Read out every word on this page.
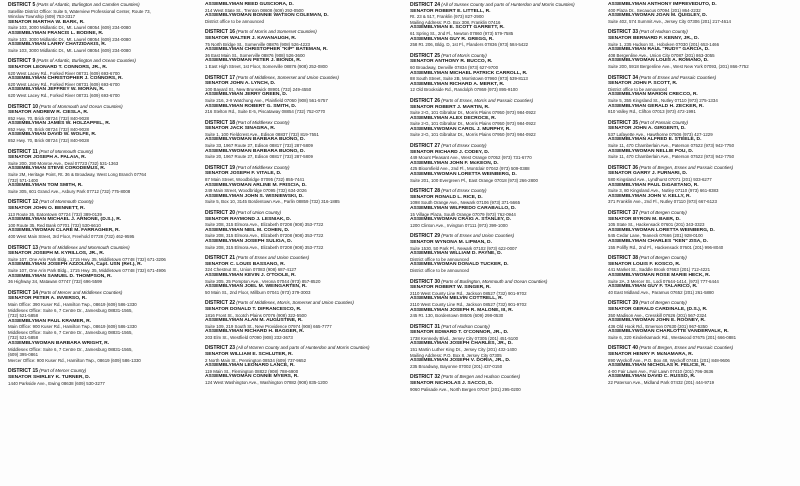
DISTRICT 5 (Parts of Atlantic, Burlington and Camden Counties)
Satellite District Office: Suite 5, Waterview Professional Center, Route 73,
Winslow Township (609) 753-3317
SENATOR MARTHA W. BARK, R.
Suite 103, 3000 Midlantic Dr., Mt. Laurel 08054 (609) 234-0080
ASSEMBLYMAN FRANCIS L. BODINE, R.
Suite 103, 3000 Midlantic Dr., Mt. Laurel 08054 (609) 234-0080
ASSEMBLYMAN LARRY CHATZIDAKIS, R.
Suite 103, 3000 Midlantic Dr., Mt. Laurel 08054 (609) 234-0080
DISTRICT 9 (Parts of Atlantic, Burlington and Ocean Counties)
SENATOR LEONARD T. CONNORS, JR., R.
620 West Lacey Rd., Forked River 08731 (609) 693-6700
ASSEMBLYMAN CHRISTOPHER J. CONNORS, R.
620 West Lacey Rd., Forked River 08731 (609) 693-6700
ASSEMBLYMAN JEFFREY W. MORAN, R.
620 West Lacey Rd., Forked River 08731 (609) 693-6700
DISTRICT 10 (Parts of Monmouth and Ocean Counties)
SENATOR ANDREW R. CIESLA, R.
852 Hwy. 70, Brick 08724 (732) 840-9028
ASSEMBLYMAN JAMES W. HOLZAPFEL, R.
852 Hwy. 70, Brick 08724 (732) 840-9028
ASSEMBLYMAN DAVID W. WOLFE, R.
852 Hwy. 70, Brick 08724 (732) 840-9028
DISTRICT 11 (Part of Monmouth County)
SENATOR JOSEPH A. PALAIA, R.
Suite 200, 290 Monroe Ave., Deal 07723 (732) 531-1363
ASSEMBLYMAN STEVE CORODEMUS, R.
Suite 2M, Heritage Point, Rt. 36 & Broadway, West Long Branch 07764
(732) 571-1400
ASSEMBLYMAN TOM SMITH, R.
Suite 305, 601 Grand Ave., Asbury Park 07712 (732) 775-8008
DISTRICT 12 (Part of Monmouth County)
SENATOR JOHN O. BENNETT, R.
113 Route 35, Eatontown 07724 (732) 389-0139
ASSEMBLYMAN MICHAEL J. ARNONE, (D.S.), R.
100 Route 35, Red Bank 07701 (732) 530-6610
ASSEMBLYWOMAN CLARE M. FARRAGHER, R.
400 West Main Street, 3rd Floor, Freehold 07728 (732) 462-9595
DISTRICT 13 (Parts of Middlesex and Monmouth Counties)
SENATOR JOSEPH M. KYRILLOS, JR., R.
Suite 107, One Arin Park Bldg., 1715 Hwy. 35, Middletown 07748 (732) 671-3206
ASSEMBLYMAN JOSEPH AZZOLINA, Capt. USN (Ret.), R.
Suite 107, One Arin Park Bldg., 1715 Hwy. 35, Middletown 07748 (732) 671-4906
ASSEMBLYMAN SAMUEL D. THOMPSON, R.
36 Highway 34, Matawan 07747 (732) 696-5599
DISTRICT 14 (Parts of Mercer and Middlesex Counties)
SENATOR PETER A. INVERSO, R.
Main Office: 390 Kuser Rd., Hamilton Twp., 08619 (609) 586-1330
Middlesex Office: Suite 6, 7 Centre Dr., Jamesburg 08831-1565,
(732) 521-5858
ASSEMBLYMAN PAUL KRAMER, R.
Main Office: 900 Kuser Rd., Hamilton Twp., 08619 (609) 586-1330
Middlesex Office: Suite 6, 7 Centre Dr., Jamesburg 08831-1565,
(732) 521-5858
ASSEMBLYWOMAN BARBARA WRIGHT, R.
Middlesex Office: Suite 6, 7 Centre Dr., Jamesburg 08831-1565,
(609) 395-0861
Mercer Office: 900 Kuser Rd., Hamilton Twp., 08619 (609) 586-1330
DISTRICT 15 (Part of Mercer County)
SENATOR SHIRLEY K. TURNER, D.
1440 Parkside Ave., Ewing 08638 (609) 530-3277
ASSEMBLYMAN REED GUSCIORA, D.
214 West State St., Trenton 08608 (609) 292-0500
ASSEMBLYWOMAN BONNIE WATSON COLEMAN, D.
District office to be announced
DISTRICT 16 (Parts of Morris and Somerset Counties)
SENATOR WALTER J. KAVANAUGH, R.
75 North Bridge St., Somerville 08876 (908) 526-4223
ASSEMBLYMAN CHRISTOPHER "KIP" BATEMAN, R.
36 East Main St., Somerville 08876 (908) 526-3600
ASSEMBLYWOMAN PETER J. BIONDI, R.
1 East High Street, 1st Floor, Somerville 08876 (908) 252-0800
DISTRICT 17 (Parts of Middlesex, Somerset and Union Counties)
SENATOR JOHN A. LYNCH, D.
100 Bayard St., New Brunswick 08901 (732) 249-4550
ASSEMBLYMAN JERRY GREEN, D.
Suite 216, 2-9 Watchung Ave., Plainfield 07060 (908) 561-5757
ASSEMBLYMAN ROBERT G. SMITH, D.
216 Stelton Rd., Suite E-5, Piscataway 08854 (732) 752-0770
DISTRICT 18 (Part of Middlesex County)
SENATOR JACK SINAGRA, R.
Suite 1, 100 Fieldcrest Ave., Edison 08837 (732) 819-7551
ASSEMBLYWOMAN BARBARA BUONO, D.
Suite 33, 1967 Route 27, Edison 08817 (732) 287-5809
ASSEMBLYWOMAN BARBARA BUONO, D.
Suite 20, 1967 Route 27, Edison 08817 (732) 287-5809
DISTRICT 19 (Part of Middlesex County)
SENATOR JOSEPH F. VITALE, D.
87 Main Street, Woodbridge 07095 (732) 855-7441
ASSEMBLYWOMAN ARLINE M. FRISCIA, D.
249 Main Street, Woodbridge 07095 (732) 634-2026
ASSEMBLYMAN JOHN S. WISNIEWSKI, D.
Suite 5, Box 10, 3145 Bordentown Ave., Parlin 08859 (732) 316-1885
DISTRICT 20 (Part of Union County)
SENATOR RAYMOND J. LESNIAK, D.
Suite 208, 315 Elmora Ave., Elizabeth 07208 (908) 353-7722
ASSEMBLYMAN NEIL M. COHEN, D.
Suite 208, 315 Elmora Ave., Elizabeth 07208 (908) 353-7722
ASSEMBLYMAN JOSEPH SULIGA, D.
Suite 208, 315 Elmora Ave., Elizabeth 07208 (908) 353-7722
DISTRICT 21 (Parts of Essex and Union Counties)
SENATOR C. LOUIS BASSANO, R.
324 Chestnut St., Union 07083 (908) 687-4127
ASSEMBLYMAN KEVIN J. O'TOOLE, R.
Suite 205, 25 Pompton Ave., Verona 07044 (973) 857-8520
ASSEMBLYMAN JOEL M. WEINGARTEN, R.
50 Main St., 2nd Floor, Millburn 07041 (973) 379-3003
DISTRICT 22 (Parts of Middlesex, Morris, Somerset and Union Counties)
SENATOR DONALD T. DIFRANCESCO, R.
1816 Front St., Scotch Plains 07076 (908) 322-5500
ASSEMBLYMAN ALAN M. AUGUSTINE, R.
Suite 109, 219 South St., New Providence 07974 (908) 665-7777
ASSEMBLYMAN RICHARD H. BAGGER, R.
203 Elm St., Westfield 07090 (908) 232-3673
DISTRICT 23 (All of Warren County and parts of Hunterdon and Morris Counties)
SENATOR WILLIAM E. SCHLUTER, R.
2 North Main St., Pennington 08534 (609) 737-9652
ASSEMBLYMAN LEONARD LANCE, R.
119 Main St., Flemington 08822 (908) 788-6900
ASSEMBLYWOMAN CONNIE MYERS, R.
124 West Washington Ave., Washington 07882 (908) 835-1200
DISTRICT 24 (All of Sussex County and parts of Hunterdon and Morris Counties)
SENATOR ROBERT E. LITTELL, R.
Rt. 23 & 517, Franklin (973) 827-2900
Mailing Address: P.O. Box 308, Franklin 07416
ASSEMBLYMAN E. SCOTT GARRETT, R.
61 Spring St., 2nd Fl., Newton 07860 (973) 579-7585
ASSEMBLYMAN GUY R. GREGG, R.
258 Rt. 206, Bldg. D, 1st Fl., Flanders 07836 (973) 584-5422
DISTRICT 25 (Part of Morris County)
SENATOR ANTHONY R. BUCCO, R.
60 Broadway, Denville 07834 (973) 627-9700
ASSEMBLYMAN MICHAEL PATRICK CARROLL, R.
88 South Street, Suite 2B, Morristown 07960 (973) 539-8113
ASSEMBLYMAN RICHARD A. MERKT, R.
12 Old Brookside Rd., Randolph 07869 (973) 895-9100
DISTRICT 26 (Parts of Essex, Morris and Passaic Counties)
SENATOR ROBERT J. MARTIN, R.
Suite 2-G, 101 Gibraltar Dr., Morris Plains 07950 (973) 984-0922
ASSEMBLYMAN ALEX DECROCE, R.
Suite 2-G, 101 Gibraltar Dr., Morris Plains 07950 (973) 984-0922
ASSEMBLYWOMAN CAROL J. MURPHY, R.
Suite 2-G, 101 Gibraltar Dr., Morris Plains 07950 (973) 984-0922
DISTRICT 27 (Part of Essex County)
SENATOR RICHARD J. CODEY, D.
449 Mount Pleasant Ave., West Orange 07052 (973) 731-6770
ASSEMBLYMAN JOHN F. McKEON, D.
425 Bloomfield Ave., 2nd Fl., Montclair 07042 (973) 509-0388
ASSEMBLYWOMAN LORETTA WEINBERG, D.
Suite 201, 100 Evergreen Pl., East Orange 07018 (973) 266-2800
DISTRICT 28 (Part of Essex County)
SENATOR RONALD L. RICE, D.
1098 South Orange Ave., Newark 07106 (973) 371-5665
ASSEMBLYMAN WILFREDO CARABALLO, D.
15 Village Plaza, South Orange 07079 (973) 762-0944
ASSEMBLYWOMAN CRAIG A. STANLEY, D.
1200 Clinton Ave., Irvington 07111 (973) 399-1000
DISTRICT 29 (Parts of Essex and Union Counties)
SENATOR WYNONA M. LIPMAN, D.
Suite 1530, 50 Park Pl., Newark 07102 (973) 622-0007
ASSEMBLYMAN WILLIAM D. PAYNE, D.
District office to be announced
ASSEMBLYWOMAN DONALD TUCKER, D.
District office to be announced
DISTRICT 30 (Parts of Burlington, Monmouth and Ocean Counties)
SENATOR ROBERT W. SINGER, R.
2110 West County Line Rd., Jackson 08527 (732) 901-9702
ASSEMBLYMAN MELVIN COTTRELL, R.
2110 West County Line Rd., Jackson 08527 (732) 901-9702
ASSEMBLYMAN JOSEPH R. MALONE, III, R.
245 Rt. 130, Bordentown 08505 (609) 298-0530
DISTRICT 31 (Part of Hudson County)
SENATOR EDWARD T. O'CONNOR, JR., D.
1738 Kennedy Blvd., Jersey City 07305 (201) 451-5100
ASSEMBLYMAN JOSEPH CHARLES, JR., D.
151 Martin Luther King Dr., Jersey City (201) 432-1400
Mailing Address: P.O. Box 8, Jersey City 07305
ASSEMBLYMAN JOSEPH V. DORIA, JR., D.
235 Broadway, Bayonne 07002 (201) 437-0150
DISTRICT 32 (Parts of Bergen and Hudson Counties)
SENATOR NICHOLAS J. SACCO, D.
9060 Palisade Ave., North Bergen 07047 (201) 295-0200
ASSEMBLYMAN ANTHONY IMPREVEDUTO, D.
400 Plaza Dr., Secaucus 07094 (201) 864-2232
ASSEMBLYWOMAN JOAN M. QUIGLEY, D.
Suite 402, 574 Summit Ave., Jersey City 07306 (201) 217-4614
DISTRICT 33 (Part of Hudson County)
SENATOR BERNARD F. KENNY, JR., D.
Suite 1, 235 Hudson St., Hoboken 07030 (201) 653-1466
ASSEMBLYMAN RAUL "RUDY" GARCIA, D.
408 Bergenline Ave., Union City 07087 (201) 863-3055
ASSEMBLYWOMAN LOUIS A. ROMANO, D.
Suite 200, 5918 Bergenline Ave., West New York 07093, (201) 866-7752
DISTRICT 34 (Parts of Essex and Passaic Counties)
SENATOR JOHN P. SCOTT, R.
District office to be announced
ASSEMBLYMAN MARION CRECCO, R.
Suite 5, 355 Kingsland St., Nutley 07110 (973) 275-1334
ASSEMBLYMAN GERALD H. ZECKER, R.
810 Valley Rd., Clifton 07013 (973) 472-1991
DISTRICT 35 (Part of Passaic County)
SENATOR JOHN A. GIRGENTI, D.
537 Lafayette Ave., Hawthorne 07506 (973) 427-1229
ASSEMBLYMAN ALFRED E. STEELE, D.
Suite 11, 470 Chamberlain Ave., Paterson 07522 (973) 942-7750
ASSEMBLYWOMAN NELLIE POU, D.
Suite 11, 470 Chamberlain Ave., Paterson 07522 (973) 942-7750
DISTRICT 36 (Parts of Bergen, Essex and Passaic Counties)
SENATOR GARRY J. FURNARI, D.
580 Kingsland Ave., Lyndhurst 07071 (201) 933-6277
ASSEMBLYMAN PAUL DiGAETANO, R.
Suite 3, 80 Kingsland Ave., Nutley 07110 (973) 661-8383
ASSEMBLYMAN JOHN V. KELLY, R.
371 Franklin Ave., 2nd Fl., Nutley 07110 (973) 667-6123
DISTRICT 37 (Part of Bergen County)
SENATOR BYRON M. BAER, D.
105 State St., Hackensack 07601 (201) 343-3323
ASSEMBLYWOMAN LORETTA WEINBERG, D.
545 Cedar Lane, Teaneck 07666 (201) 928-0100
ASSEMBLYMAN CHARLES "KEN" ZISA, D.
155 Polifly Rd., 2nd Fl., Hackensack 07601 (201) 996-8040
DISTRICT 38 (Part of Bergen County)
SENATOR LOUIS F. KOSCO, R.
441 Market St., Saddle Brook 07663 (201) 712-4221
ASSEMBLYWOMAN ROSE MARIE HECK, R.
Suite 2A, 3 Mercer St., Lodi 07644-1414, (973) 777-6444
ASSEMBLYMAN GUY F. TALARICO, R.
40 East Midland Ave., Paramus 07652 (201) 261-5880
DISTRICT 39 (Part of Bergen County)
SENATOR GERALD CARDINALE, (D.S.), R.
350 Madison Ave., Cresskill 07626 (201) 567-2324
ASSEMBLYWOMAN JOHN E. ROONEY, R.
436 Old Hook Rd., Emerson 07630 (201) 967-5350
ASSEMBLYWOMAN CHARLOTTE VANDERVALK, R.
Suite 6, 220 Kinderkamack Rd., Westwood 07675 (201) 666-0881
DISTRICT 40 (Parts of Bergen, Essex and Passaic Counties)
SENATOR HENRY P. McNAMARA, R.
890 Wyckoff Ave., P.O. Box 48, Wyckoff 07481 (201) 848-9606
ASSEMBLYMAN NICHOLAS R. FELICE, R.
4-00 Fair Lawn Ave., Fair Lawn 07410 (201) 796-3636
ASSEMBLYMAN DAVID C. RUSSO, R.
22 Paterson Ave., Midland Park 07432 (201) 444-9719
